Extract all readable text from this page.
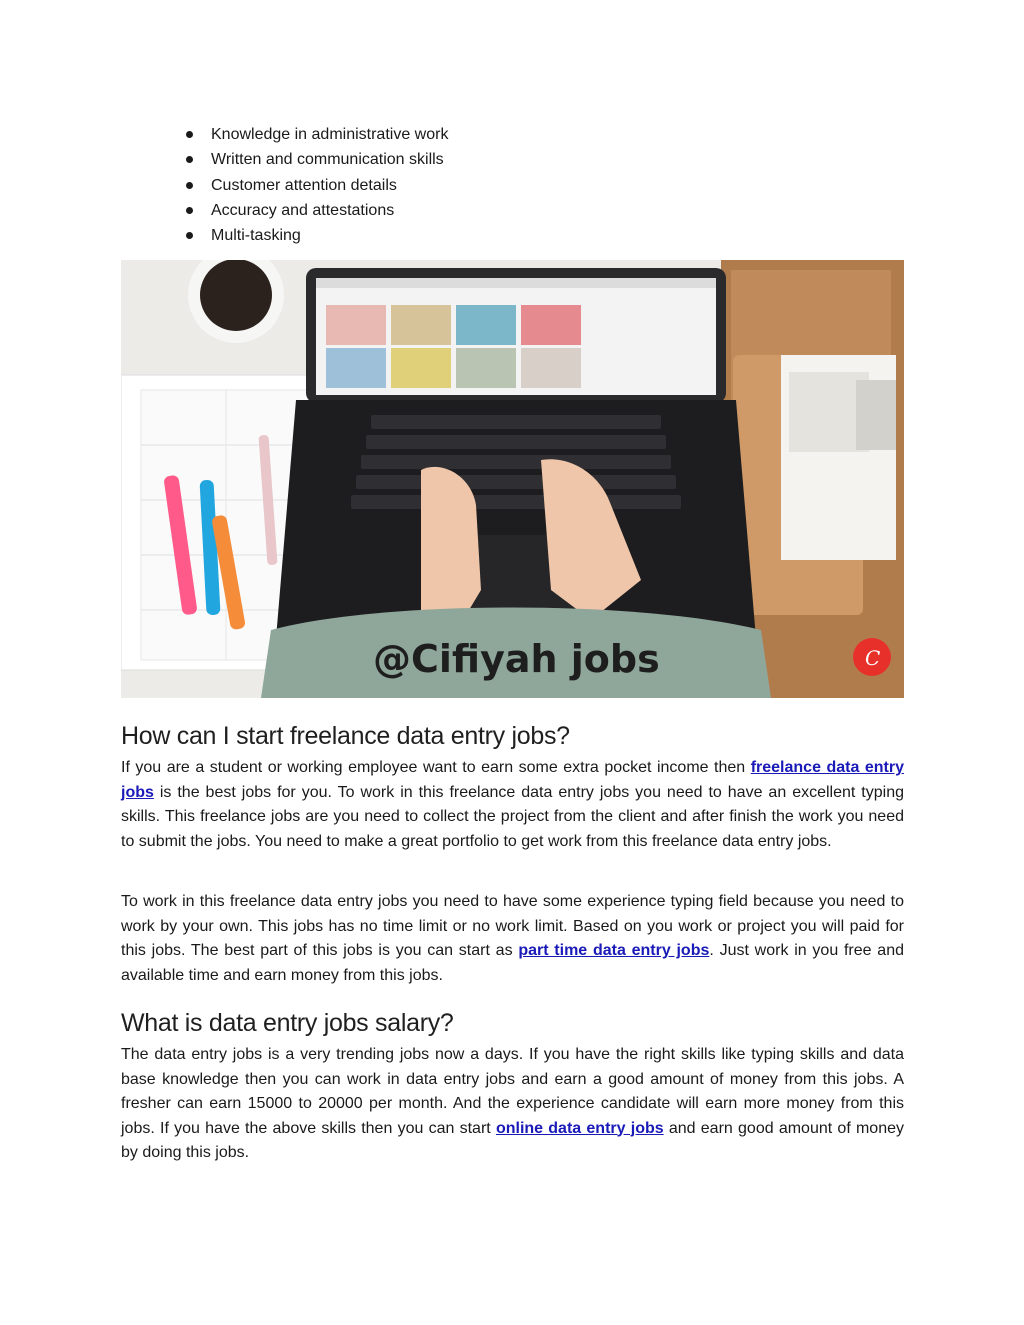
Knowledge in administrative work
Written and communication skills
Customer attention details
Accuracy and attestations
Multi-tasking
@Cifiyah jobs	C
How can I start freelance data entry jobs?

If you are a student or working employee want to earn some extra pocket income then freelance data entry jobs is the best jobs for you. To work in this freelance data entry jobs you need to have an excellent typing skills. This freelance jobs are you need to collect the project from the client and after finish the work you need to submit the jobs. You need to make a great portfolio to get work from this freelance data entry jobs.

To work in this freelance data entry jobs you need to have some experience typing field because you need to work by your own. This jobs has no time limit or no work limit. Based on you work or project you will paid for this jobs. The best part of this jobs is you can start as part time data entry jobs. Just work in you free and available time and earn money from this jobs.

What is data entry jobs salary?

The data entry jobs is a very trending jobs now a days. If you have the right skills like typing skills and data base knowledge then you can work in data entry jobs and earn a good amount of money from this jobs. A fresher can earn 15000 to 20000 per month. And the experience candidate will earn more money from this jobs. If you have the above skills then you can start online data entry jobs and earn good amount of money by doing this jobs.
